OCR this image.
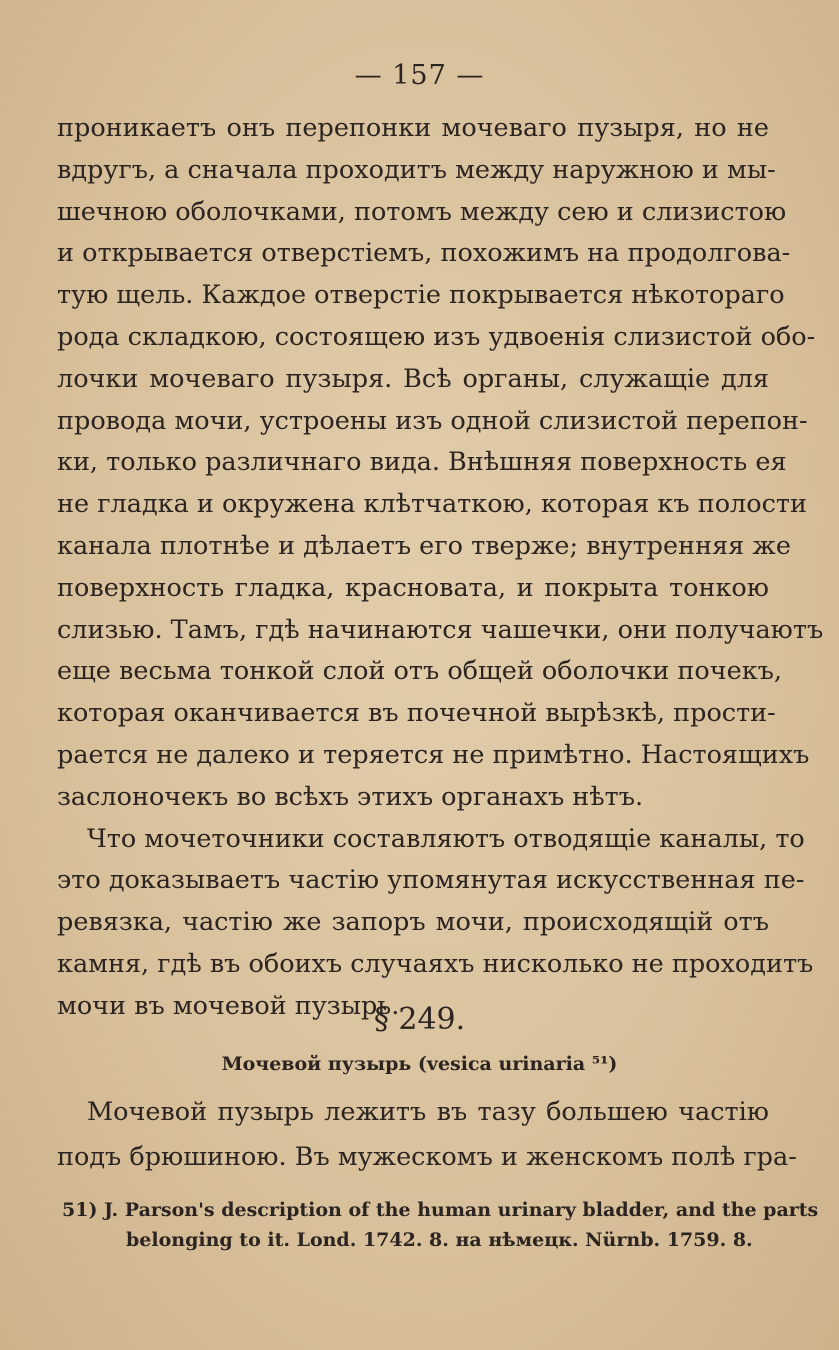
— 157 —
проникаетъ онъ перепонки мочеваго пузыря, но не
вдругъ, а сначала проходитъ между наружною и мы-
шечною оболочками, потомъ между сею и слизистою
и открывается отверстіемъ, похожимъ на продолгова-
тую щель. Каждое отверстіе покрывается нѣкотораго
рода складкою, состоящею изъ удвоенія слизистой обо-
лочки мочеваго пузыря. Всѣ органы, служащіе для
провода мочи, устроены изъ одной слизистой перепон-
ки, только различнаго вида. Внѣшняя поверхность ея
не гладка и окружена клѣтчаткою, которая къ полости
канала плотнѣе и дѣлаетъ его тверже; внутренняя же
поверхность гладка, красновата, и покрыта тонкою
слизью. Тамъ, гдѣ начинаются чашечки, они получаютъ
еще весьма тонкой слой отъ общей оболочки почекъ,
которая оканчивается въ почечной вырѣзкѣ, прости-
рается не далеко и теряется не примѣтно. Настоящихъ
заслоночекъ во всѣхъ этихъ органахъ нѣтъ.
Что мочеточники составляютъ отводящіе каналы, то
это доказываетъ частію упомянутая искусственная пе-
ревязка, частію же запоръ мочи, происходящій отъ
камня, гдѣ въ обоихъ случаяхъ нисколько не проходитъ
мочи въ мочевой пузырь.
§ 249.
Мочевой пузырь (vesica urinaria ⁵¹)
Мочевой пузырь лежитъ въ тазу большею частію
подъ брюшиною. Въ мужескомъ и женскомъ полѣ гра-
51) J. Parson's description of the human urinary bladder, and the parts
belonging to it. Lond. 1742. 8. на нѣмецк. Nürnb. 1759. 8.
